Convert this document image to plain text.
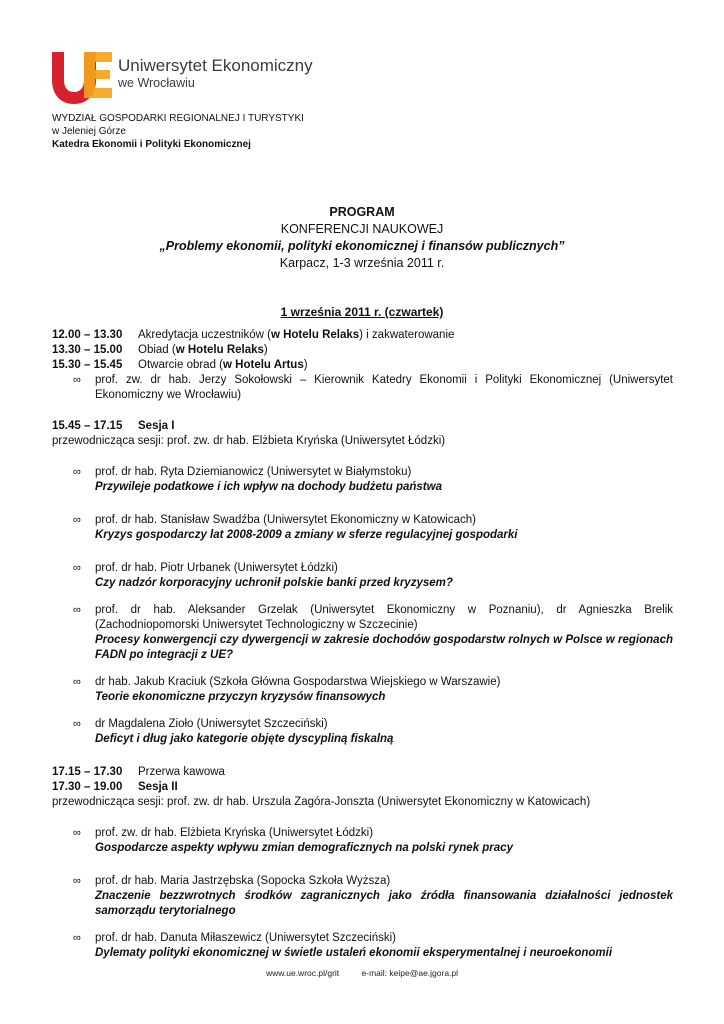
Uniwersytet Ekonomiczny
we Wrocławiu
WYDZIAŁ GOSPODARKI REGIONALNEJ I TURYSTYKI
w Jeleniej Górze
Katedra Ekonomii i Polityki Ekonomicznej
PROGRAM
KONFERENCJI NAUKOWEJ
„Problemy ekonomii, polityki ekonomicznej i finansów publicznych”
Karpacz, 1-3 września 2011 r.
1 września 2011 r. (czwartek)
12.00 – 13.30	Akredytacja uczestników (w Hotelu Relaks) i zakwaterowanie
13.30 – 15.00	Obiad (w Hotelu Relaks)
15.30 – 15.45	Otwarcie obrad (w Hotelu Artus)
∞	prof. zw. dr hab. Jerzy Sokołowski – Kierownik Katedry Ekonomii i Polityki Ekonomicznej (Uniwersytet Ekonomiczny we Wrocławiu)
15.45 – 17.15	Sesja I
przewodnicząca sesji: prof. zw. dr hab. Elżbieta Kryńska (Uniwersytet Łódzki)
∞	prof. dr hab. Ryta Dziemianowicz (Uniwersytet w Białymstoku)
Przywileje podatkowe i ich wpływ na dochody budżetu państwa
∞	prof. dr hab. Stanisław Swadźba (Uniwersytet Ekonomiczny w Katowicach)
Kryzys gospodarczy lat 2008-2009 a zmiany w sferze regulacyjnej gospodarki
∞	prof. dr hab. Piotr Urbanek (Uniwersytet Łódzki)
Czy nadzór korporacyjny uchronił polskie banki przed kryzysem?
∞	prof. dr hab. Aleksander Grzelak (Uniwersytet Ekonomiczny w Poznaniu), dr Agnieszka Brelik (Zachodniopomorski Uniwersytet Technologiczny w Szczecinie)
Procesy konwergencji czy dywergencji w zakresie dochodów gospodarstw rolnych w Polsce w regionach FADN po integracji z UE?
∞	dr hab. Jakub Kraciuk (Szkoła Główna Gospodarstwa Wiejskiego w Warszawie)
Teorie ekonomiczne przyczyn kryzysów finansowych
∞	dr Magdalena Zioło (Uniwersytet Szczeciński)
Deficyt i dług jako kategorie objęte dyscypliną fiskalną
17.15 – 17.30	Przerwa kawowa
17.30 – 19.00	Sesja II
przewodnicząca sesji: prof. zw. dr hab. Urszula Zagóra-Jonszta (Uniwersytet Ekonomiczny w Katowicach)
∞	prof. zw. dr hab. Elżbieta Kryńska (Uniwersytet Łódzki)
Gospodarcze aspekty wpływu zmian demograficznych na polski rynek pracy
∞	prof. dr hab. Maria Jastrzębska (Sopocka Szkoła Wyższa)
Znaczenie bezzwrotnych środków zagranicznych jako źródła finansowania działalności jednostek samorządu terytorialnego
∞	prof. dr hab. Danuta Miłaszewicz (Uniwersytet Szczeciński)
Dylematy polityki ekonomicznej w świetle ustaleń ekonomii eksperymentalnej i neuroekonomii
www.ue.wroc.pl/grit	e-mail: keipe@ae.jgora.pl
